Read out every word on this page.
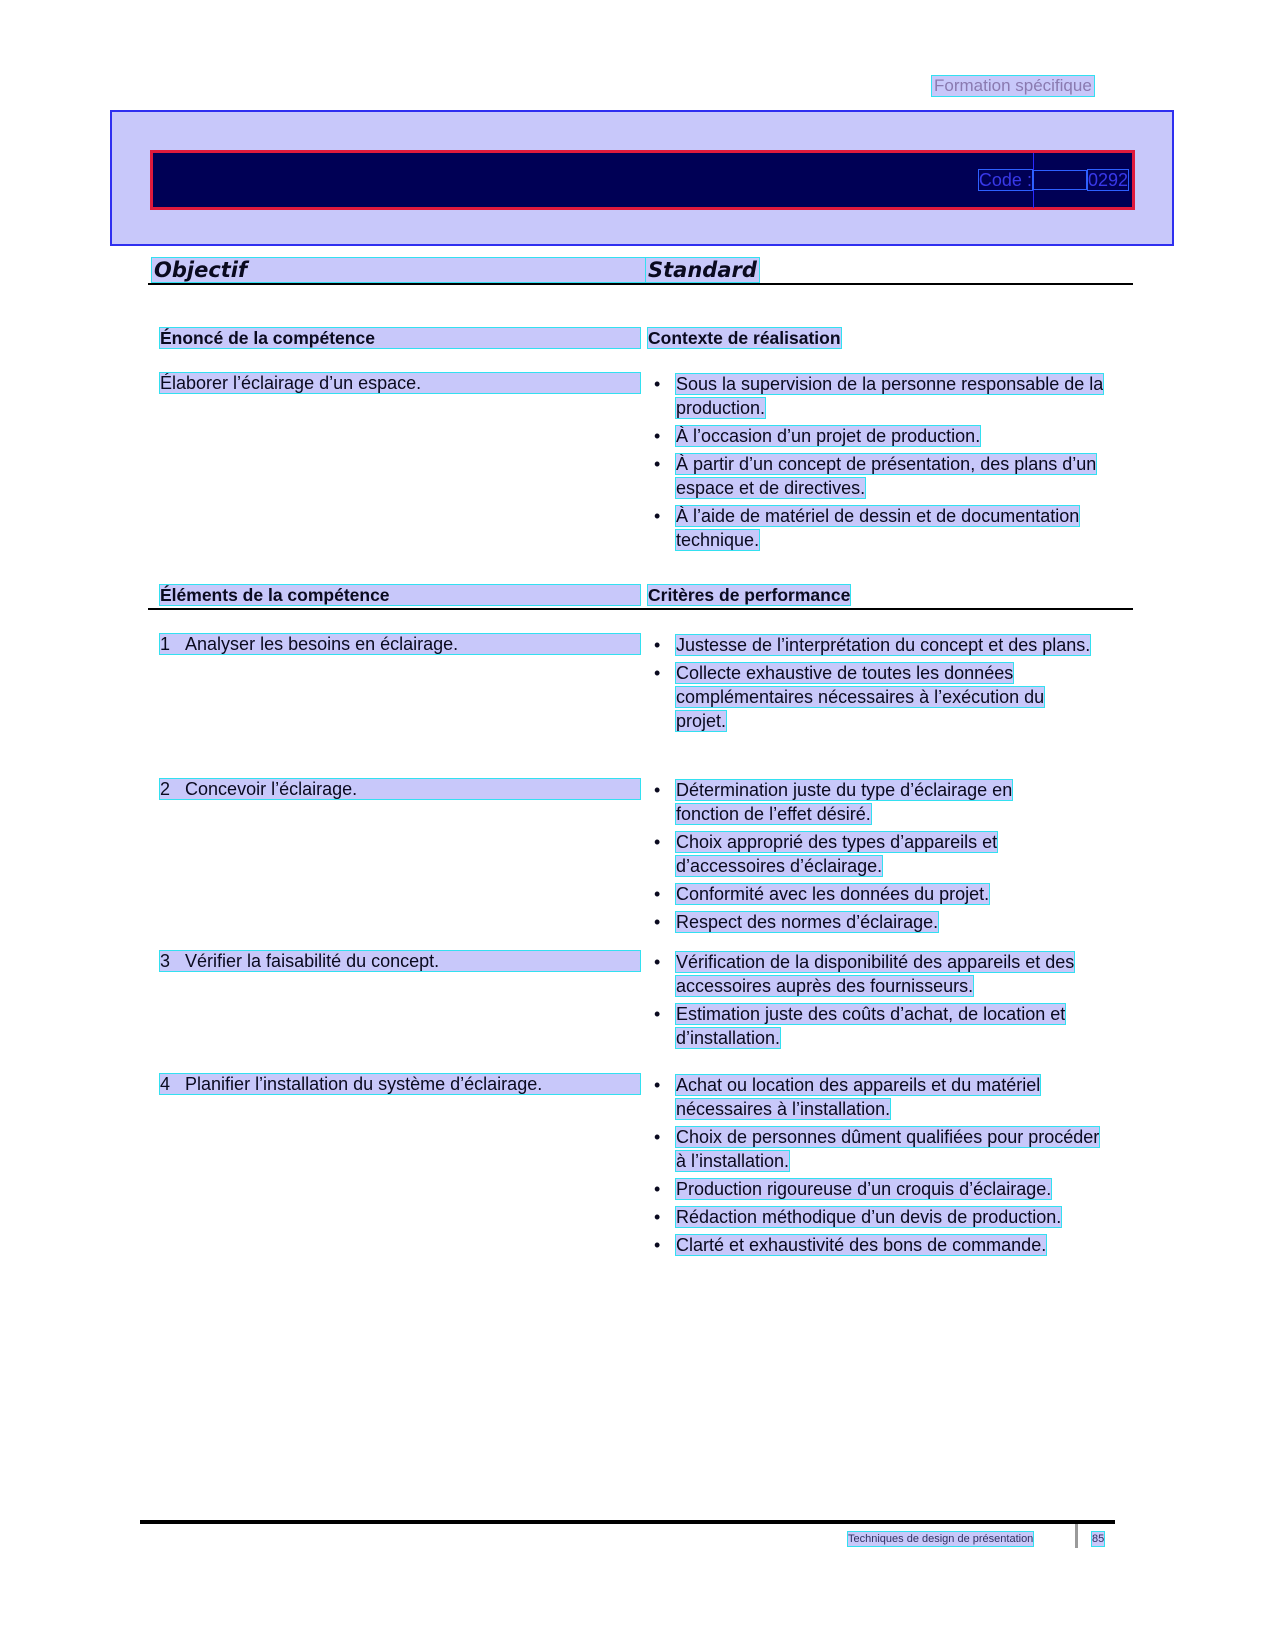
Formation spécifique
Code :	0292
Objectif	Standard
Énoncé de la compétence	Contexte de réalisation
Élaborer l’éclairage d’un espace.	• Sous la supervision de la personne responsable de la production.
• À l’occasion d’un projet de production.
• À partir d’un concept de présentation, des plans d’un espace et de directives.
• À l’aide de matériel de dessin et de documentation technique.
Éléments de la compétence	Critères de performance
1 Analyser les besoins en éclairage.	• Justesse de l’interprétation du concept et des plans.
• Collecte exhaustive de toutes les données complémentaires nécessaires à l’exécution du projet.
2 Concevoir l’éclairage.	• Détermination juste du type d’éclairage en fonction de l’effet désiré.
• Choix approprié des types d’appareils et d’accessoires d’éclairage.
• Conformité avec les données du projet.
• Respect des normes d’éclairage.
3 Vérifier la faisabilité du concept.	• Vérification de la disponibilité des appareils et des accessoires auprès des fournisseurs.
• Estimation juste des coûts d’achat, de location et d’installation.
4 Planifier l’installation du système d’éclairage.	• Achat ou location des appareils et du matériel nécessaires à l’installation.
• Choix de personnes dûment qualifiées pour procéder à l’installation.
• Production rigoureuse d’un croquis d’éclairage.
• Rédaction méthodique d’un devis de production.
• Clarté et exhaustivité des bons de commande.
Techniques de design de présentation	85
